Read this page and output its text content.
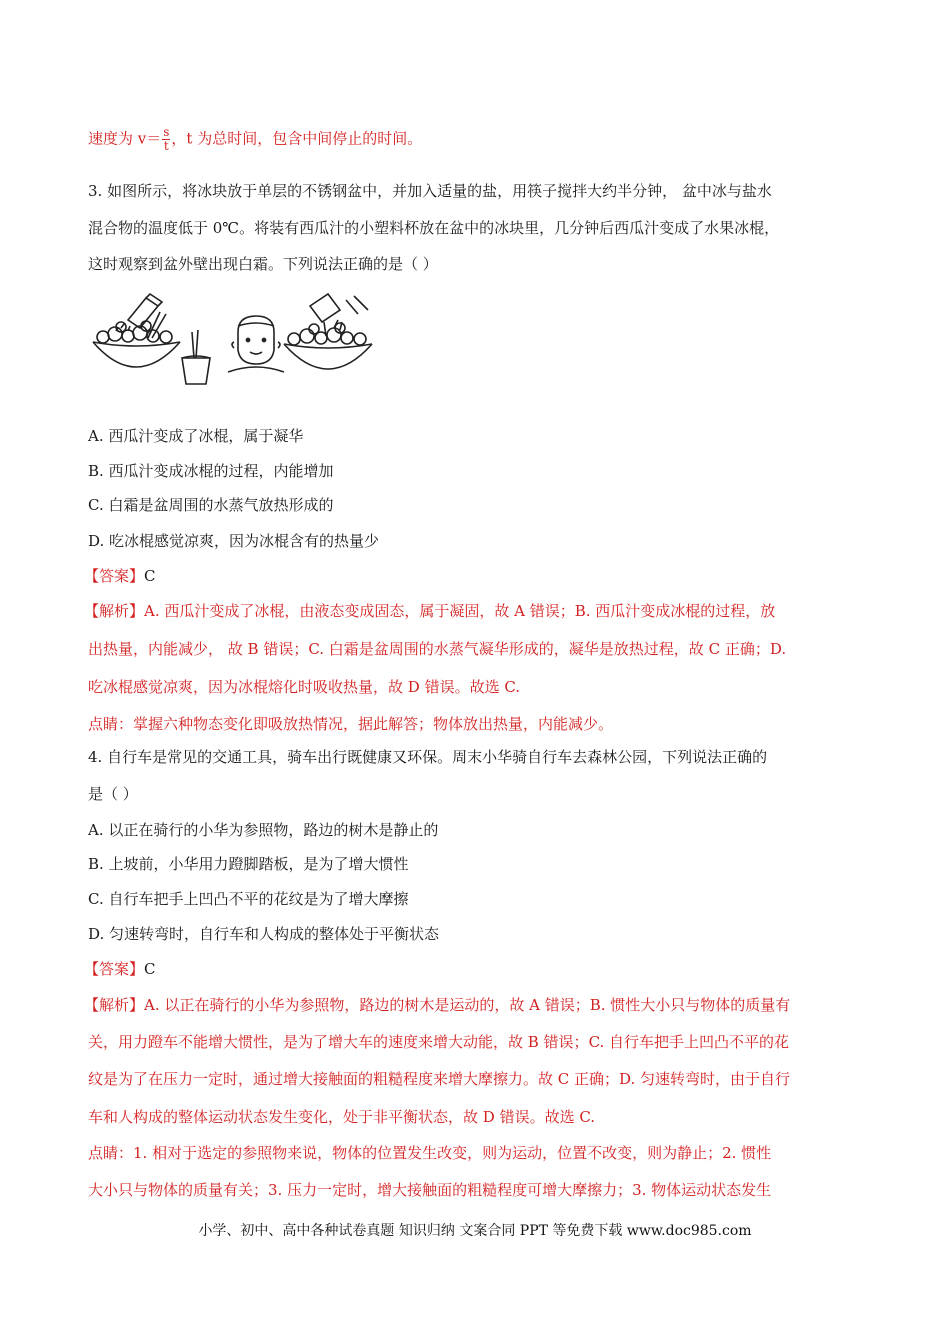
速度为 $v= \frac{s}{t}$ ，t 为总时间，包含中间停止的时间。
3. 如图所示，将冰块放于单层的不锈钢盆中，并加入适量的盐，用筷子搅拌大约半分钟， 盆中冰与盐水
混合物的温度低于 0℃。将装有西瓜汁的小塑料杯放在盆中的冰块里，几分钟后西瓜汁变成了水果冰棍，
这时观察到盆外壁出现白霜。下列说法正确的是（ ）
A. 西瓜汁变成了冰棍，属于凝华
B. 西瓜汁变成冰棍的过程，内能增加
C. 白霜是盆周围的水蒸气放热形成的
D. 吃冰棍感觉凉爽，因为冰棍含有的热量少
【答案】C
【解析】A. 西瓜汁变成了冰棍，由液态变成固态，属于凝固，故 A 错误；B. 西瓜汁变成冰棍的过程，放
出热量，内能减少， 故 B 错误；C. 白霜是盆周围的水蒸气凝华形成的，凝华是放热过程，故 C 正确；D.
吃冰棍感觉凉爽，因为冰棍熔化时吸收热量，故 D 错误。故选 C.
点睛：掌握六种物态变化即吸放热情况，据此解答；物体放出热量，内能减少。
4. 自行车是常见的交通工具，骑车出行既健康又环保。周末小华骑自行车去森林公园，下列说法正确的
是（ ）
A. 以正在骑行的小华为参照物，路边的树木是静止的
B. 上坡前，小华用力蹬脚踏板，是为了增大惯性
C. 自行车把手上凹凸不平的花纹是为了增大摩擦
D. 匀速转弯时，自行车和人构成的整体处于平衡状态
【答案】C
【解析】A. 以正在骑行的小华为参照物，路边的树木是运动的，故 A 错误；B. 惯性大小只与物体的质量有
关，用力蹬车不能增大惯性，是为了增大车的速度来增大动能，故 B 错误；C. 自行车把手上凹凸不平的花
纹是为了在压力一定时，通过增大接触面的粗糙程度来增大摩擦力。故 C 正确；D. 匀速转弯时，由于自行
车和人构成的整体运动状态发生变化，处于非平衡状态，故 D 错误。故选 C.
点睛：1. 相对于选定的参照物来说，物体的位置发生改变，则为运动，位置不改变，则为静止；2. 惯性
大小只与物体的质量有关；3. 压力一定时，增大接触面的粗糙程度可增大摩擦力；3. 物体运动状态发生
小学、初中、高中各种试卷真题 知识归纳 文案合同 PPT 等免费下载 www.doc985.com
